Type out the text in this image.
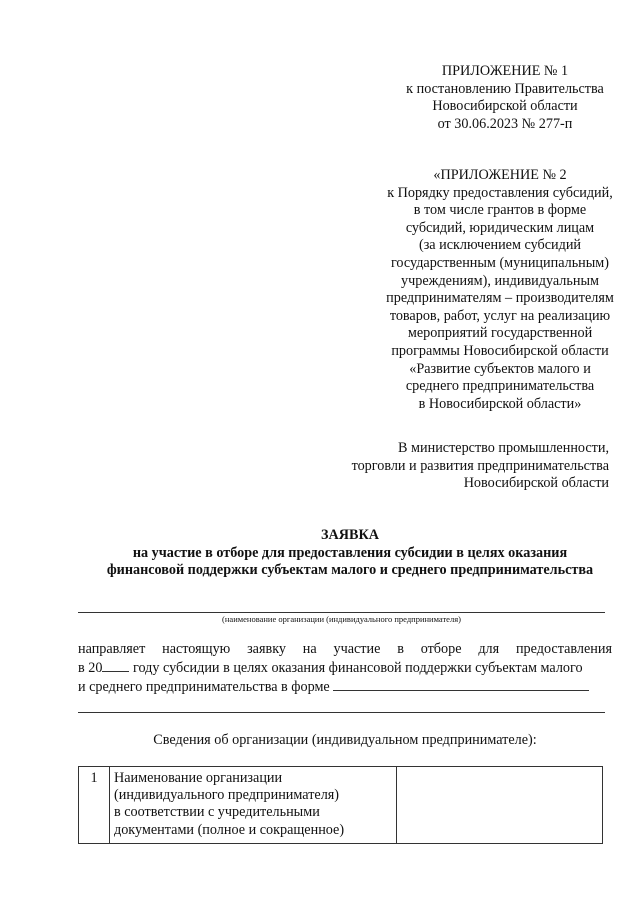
ПРИЛОЖЕНИЕ № 1
к постановлению Правительства
Новосибирской области
от 30.06.2023 № 277-п
«ПРИЛОЖЕНИЕ № 2
к Порядку предоставления субсидий,
в том числе грантов в форме
субсидий, юридическим лицам
(за исключением субсидий
государственным (муниципальным)
учреждениям), индивидуальным
предпринимателям – производителям
товаров, работ, услуг на реализацию
мероприятий государственной
программы Новосибирской области
«Развитие субъектов малого и
среднего предпринимательства
в Новосибирской области»
В министерство промышленности,
торговли и развития предпринимательства
Новосибирской области
ЗАЯВКА
на участие в отборе для предоставления субсидии в целях оказания
финансовой поддержки субъектам малого и среднего предпринимательства
(наименование организации (индивидуального предпринимателя)
направляет настоящую заявку на участие в отборе для предоставления
в 20 году субсидии в целях оказания финансовой поддержки субъектам малого
и среднего предпринимательства в форме
Сведения об организации (индивидуальном предпринимателе):
1	Наименование организации
(индивидуального предпринимателя)
в соответствии с учредительными
документами (полное и сокращенное)
